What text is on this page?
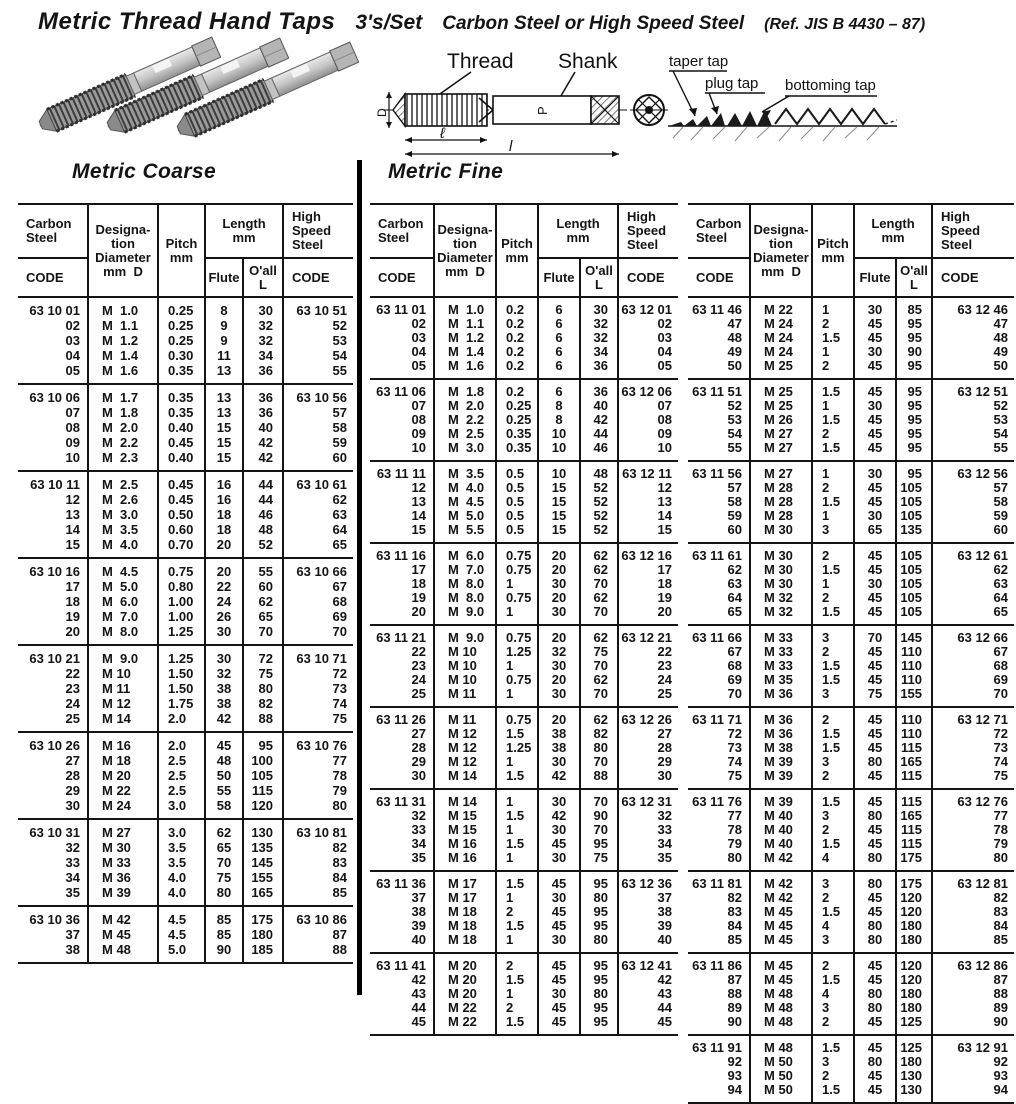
Metric Thread Hand Taps 3's/Set Carbon Steel or High Speed Steel (Ref. JIS B 4430 – 87)
Thread Shank
D	P
ℓ
l
taper tap
plug tap bottoming tap
Metric Coarse	Metric Fine
Carbon
Steel	Designa-
tion
Diameter
mm  D	Pitch
mm	Length
mm		High
Speed
Steel
CODE			Flute	O'all
L	CODE
63 10 01	M  1.0	0.25	8	30	63 10 51
02	M  1.1	0.25	9	32	52
03	M  1.2	0.25	9	32	53
04	M  1.4	0.30	11	34	54
05	M  1.6	0.35	13	36	55
63 10 06	M  1.7	0.35	13	36	63 10 56
07	M  1.8	0.35	13	36	57
08	M  2.0	0.40	15	40	58
09	M  2.2	0.45	15	42	59
10	M  2.3	0.40	15	42	60
63 10 11	M  2.5	0.45	16	44	63 10 61
12	M  2.6	0.45	16	44	62
13	M  3.0	0.50	18	46	63
14	M  3.5	0.60	18	48	64
15	M  4.0	0.70	20	52	65
63 10 16	M  4.5	0.75	20	55	63 10 66
17	M  5.0	0.80	22	60	67
18	M  6.0	1.00	24	62	68
19	M  7.0	1.00	26	65	69
20	M  8.0	1.25	30	70	70
63 10 21	M  9.0	1.25	30	72	63 10 71
22	M 10	1.50	32	75	72
23	M 11	1.50	38	80	73
24	M 12	1.75	38	82	74
25	M 14	2.0	42	88	75
63 10 26	M 16	2.0	45	95	63 10 76
27	M 18	2.5	48	100	77
28	M 20	2.5	50	105	78
29	M 22	2.5	55	115	79
30	M 24	3.0	58	120	80
63 10 31	M 27	3.0	62	130	63 10 81
32	M 30	3.5	65	135	82
33	M 33	3.5	70	145	83
34	M 36	4.0	75	155	84
35	M 39	4.0	80	165	85
63 10 36	M 42	4.5	85	175	63 10 86
37	M 45	4.5	85	180	87
38	M 48	5.0	90	185	88
Carbon
Steel	Designa-
tion
Diameter
mm  D	Pitch
mm	Length
mm		High
Speed
Steel
CODE			Flute	O'all
L	CODE
63 11 01	M  1.0	0.2	6	30	63 12 01
02	M  1.1	0.2	6	32	02
03	M  1.2	0.2	6	32	03
04	M  1.4	0.2	6	34	04
05	M  1.6	0.2	6	36	05
63 11 06	M  1.8	0.2	6	36	63 12 06
07	M  2.0	0.25	8	40	07
08	M  2.2	0.25	8	42	08
09	M  2.5	0.35	10	44	09
10	M  3.0	0.35	10	46	10
63 11 11	M  3.5	0.5	10	48	63 12 11
12	M  4.0	0.5	15	52	12
13	M  4.5	0.5	15	52	13
14	M  5.0	0.5	15	52	14
15	M  5.5	0.5	15	52	15
63 11 16	M  6.0	0.75	20	62	63 12 16
17	M  7.0	0.75	20	62	17
18	M  8.0	1	30	70	18
19	M  8.0	0.75	20	62	19
20	M  9.0	1	30	70	20
63 11 21	M  9.0	0.75	20	62	63 12 21
22	M 10	1.25	32	75	22
23	M 10	1	30	70	23
24	M 10	0.75	20	62	24
25	M 11	1	30	70	25
63 11 26	M 11	0.75	20	62	63 12 26
27	M 12	1.5	38	82	27
28	M 12	1.25	38	80	28
29	M 12	1	30	70	29
30	M 14	1.5	42	88	30
63 11 31	M 14	1	30	70	63 12 31
32	M 15	1.5	42	90	32
33	M 15	1	30	70	33
34	M 16	1.5	45	95	34
35	M 16	1	30	75	35
63 11 36	M 17	1.5	45	95	63 12 36
37	M 17	1	30	80	37
38	M 18	2	45	95	38
39	M 18	1.5	45	95	39
40	M 18	1	30	80	40
63 11 41	M 20	2	45	95	63 12 41
42	M 20	1.5	45	95	42
43	M 20	1	30	80	43
44	M 22	2	45	95	44
45	M 22	1.5	45	95	45
Carbon
Steel	Designa-
tion
Diameter
mm  D	Pitch
mm	Length
mm		High
Speed
Steel
CODE			Flute	O'all
L	CODE
63 11 46	M 22	1	30	85	63 12 46
47	M 24	2	45	95	47
48	M 24	1.5	45	95	48
49	M 24	1	30	90	49
50	M 25	2	45	95	50
63 11 51	M 25	1.5	45	95	63 12 51
52	M 25	1	30	95	52
53	M 26	1.5	45	95	53
54	M 27	2	45	95	54
55	M 27	1.5	45	95	55
63 11 56	M 27	1	30	95	63 12 56
57	M 28	2	45	105	57
58	M 28	1.5	45	105	58
59	M 28	1	30	105	59
60	M 30	3	65	135	60
63 11 61	M 30	2	45	105	63 12 61
62	M 30	1.5	45	105	62
63	M 30	1	30	105	63
64	M 32	2	45	105	64
65	M 32	1.5	45	105	65
63 11 66	M 33	3	70	145	63 12 66
67	M 33	2	45	110	67
68	M 33	1.5	45	110	68
69	M 35	1.5	45	110	69
70	M 36	3	75	155	70
63 11 71	M 36	2	45	110	63 12 71
72	M 36	1.5	45	110	72
73	M 38	1.5	45	115	73
74	M 39	3	80	165	74
75	M 39	2	45	115	75
63 11 76	M 39	1.5	45	115	63 12 76
77	M 40	3	80	165	77
78	M 40	2	45	115	78
79	M 40	1.5	45	115	79
80	M 42	4	80	175	80
63 11 81	M 42	3	80	175	63 12 81
82	M 42	2	45	120	82
83	M 45	1.5	45	120	83
84	M 45	4	80	180	84
85	M 45	3	80	180	85
63 11 86	M 45	2	45	120	63 12 86
87	M 45	1.5	45	120	87
88	M 48	4	80	180	88
89	M 48	3	80	180	89
90	M 48	2	45	125	90
63 11 91	M 48	1.5	45	125	63 12 91
92	M 50	3	80	180	92
93	M 50	2	45	130	93
94	M 50	1.5	45	130	94
